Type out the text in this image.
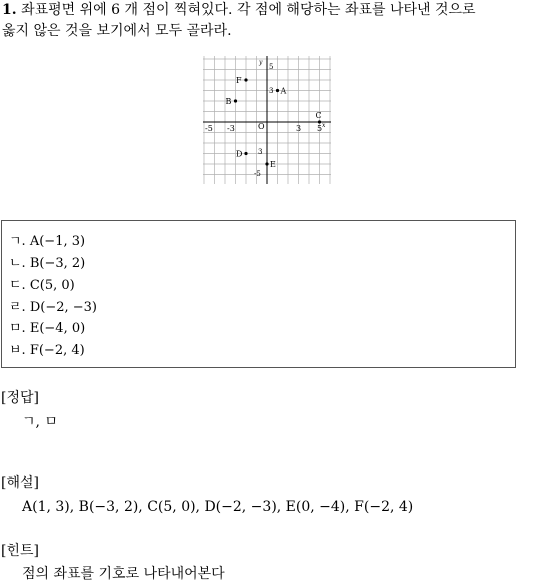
1. 좌표평면 위에 6 개 점이 찍혀있다. 각 점에 해당하는 좌표를 나타낸 것으로
옳지 않은 것을 보기에서 모두 골라라.
x
y
O
-5 -3	3 5
5
3
3
-5
F
A
B
C
D
E
ㄱ. A(−1, 3)
ㄴ. B(−3, 2)
ㄷ. C(5, 0)
ㄹ. D(−2, −3)
ㅁ. E(−4, 0)
ㅂ. F(−2, 4)
[정답]
ㄱ, ㅁ
[해설]
A(1, 3), B(−3, 2), C(5, 0), D(−2, −3), E(0, −4), F(−2, 4)
[힌트]
점의 좌표를 기호로 나타내어본다
